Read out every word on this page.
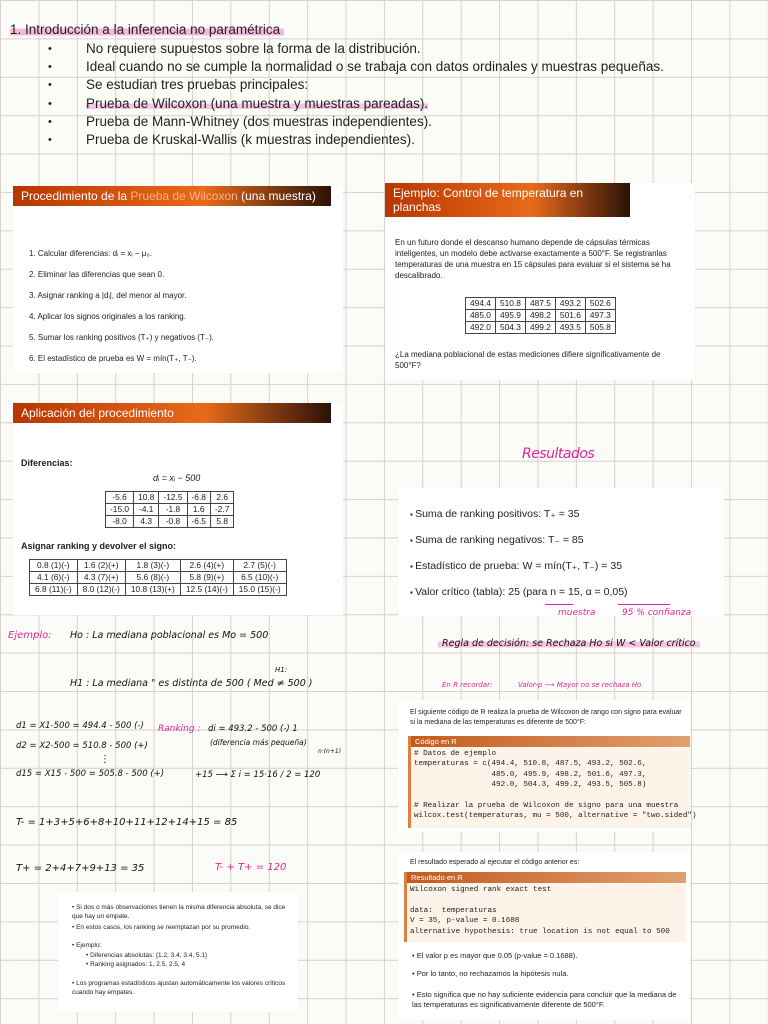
1. Introducción a la inferencia no paramétrica
• No requiere supuestos sobre la forma de la distribución.
• Ideal cuando no se cumple la normalidad o se trabaja con datos ordinales y muestras pequeñas.
• Se estudian tres pruebas principales:
• Prueba de Wilcoxon (una muestra y muestras pareadas).
• Prueba de Mann-Whitney (dos muestras independientes).
• Prueba de Kruskal-Wallis (k muestras independientes).
Procedimiento de la Prueba de Wilcoxon (una muestra)
1. Calcular diferencias: dᵢ = xᵢ − μ₀.
2. Eliminar las diferencias que sean 0.
3. Asignar ranking a |dᵢ|, del menor al mayor.
4. Aplicar los signos originales a los ranking.
5. Sumar los ranking positivos (T₊) y negativos (T₋).
6. El estadístico de prueba es W = mín(T₊, T₋).
Ejemplo: Control de temperatura en planchas
En un futuro donde el descanso humano depende de cápsulas térmicas inteligentes, un modelo debe activarse exactamente a 500°F. Se registranlas temperaturas de una muestra en 15 cápsulas para evaluar si el sistema se ha descalibrado.
494.4	510.8	487.5	493.2	502.6
485.0	495.9	498.2	501.6	497.3
492.0	504.3	499.2	493.5	505.8
¿La mediana poblacional de estas mediciones difiere significativamente de 500°F?
Aplicación del procedimiento
Diferencias:
dᵢ = xᵢ − 500
-5.6	10.8	-12.5	-6.8	2.6
-15.0	-4.1	-1.8	1.6	-2.7
-8.0	4.3	-0.8	-6.5	5.8
Asignar ranking y devolver el signo:
0.8 (1)(-)	1.6 (2)(+)	1.8 (3)(-)	2.6 (4)(+)	2.7 (5)(-)
4.1 (6)(-)	4.3 (7)(+)	5.6 (8)(-)	5.8 (9)(+)	6.5 (10)(-)
6.8 (11)(-)	8.0 (12)(-)	10.8 (13)(+)	12.5 (14)(-)	15.0 (15)(-)
Resultados
▪ Suma de ranking positivos: T₊ = 35
▪ Suma de ranking negativos: T₋ = 85
▪ Estadístico de prueba: W = mín(T₊, T₋) = 35
▪ Valor crítico (tabla): 25 (para n = 15, α = 0,05)
muestra	95 % confianza
Ejemplo: Ho : La mediana poblacional es Mo = 500
H1:
H1 : La mediana " es distinta de 500 ( Med ≠ 500 )
d1 = X1-500 = 494.4 - 500 (-)
d2 = X2-500 = 510.8 - 500 (+)
⋮
d15 = X15 - 500 = 505.8 - 500 (+)
Ranking : di = 493.2 - 500 (-) 1
(diferencia más pequeña)
n·(n+1)
+15 ⟶ Σ i = 15·16 / 2 = 120
T- = 1+3+5+6+8+10+11+12+14+15 = 85
T+ = 2+4+7+9+13 = 35	T- + T+ = 120
Regla de decisión: se Rechaza Ho si W < Valor crítico
En R recordar:	Valor-p ⟶ Mayor no se rechaza Ho
• Si dos o más observaciones tienen la misma diferencia absoluta, se dice que hay un empate.
• En estos casos, los ranking se reemplazan por su promedio.
• Ejemplo:
• Diferencias absolutas: {1.2, 3.4, 3.4, 5.1}
• Ranking asignados: 1, 2.5, 2.5, 4
• Los programas estadísticos ajustan automáticamente los valores críticos cuando hay empates.
El siguiente código de R realiza la prueba de Wilcoxon de rango con signo para evaluar si la mediana de las temperaturas es diferente de 500°F:
Código en R
# Datos de ejemplo
temperaturas = c(494.4, 510.8, 487.5, 493.2, 502.6,
485.0, 495.9, 498.2, 501.6, 497.3,
492.0, 504.3, 499.2, 493.5, 505.8)

# Realizar la prueba de Wilcoxon de signo para una muestra
wilcox.test(temperaturas, mu = 500, alternative = "two.sided")
El resultado esperado al ejecutar el código anterior es:
Resultado en R
Wilcoxon signed rank exact test

data:  temperaturas
V = 35, p-value = 0.1688
alternative hypothesis: true location is not equal to 500
• El valor p es mayor que 0.05 (p-value = 0.1688).
• Por lo tanto, no rechazamos la hipótesis nula.
• Esto significa que no hay suficiente evidencia para concluir que la mediana de las temperaturas es significativamente diferente de 500°F.
